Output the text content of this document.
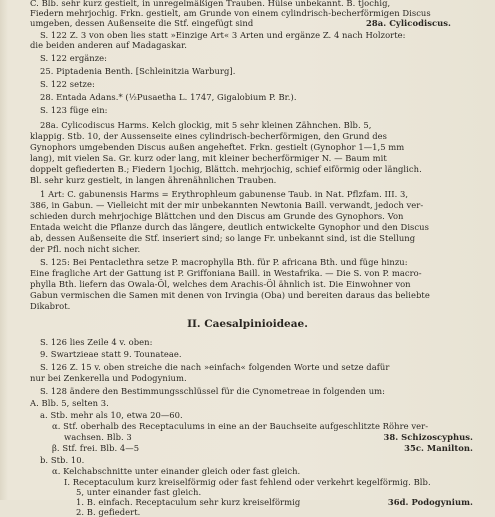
C. Blb. sehr kurz gestielt, in unregelmäßigen Trauben. Hülse unbekannt. B. tjochig,
Fiedern mehrjochig. Frkn. gestielt, am Grunde von einem cylindrisch-becherförmigen Discus
umgeben, dessen Außenseite die Stf. eingefügt sind	28a. Cylicodiscus.
S. 122 Z. 3 von oben lies statt »Einzige Art« 3 Arten und ergänze Z. 4 nach Holzorte:
die beiden anderen auf Madagaskar.
S. 122 ergänze:
25. Piptadenia Benth. [Schleinitzia Warburg].
S. 122 setze:
28. Entada Adans.* (½Pusaetha L. 1747, Gigalobium P. Br.).
S. 123 füge ein:
28a. Cylicodiscus Harms. Kelch glockig, mit 5 sehr kleinen Zähnchen. Blb. 5,
klappig. Stb. 10, der Aussenseite eines cylindrisch-becherförmigen, den Grund des
Gynophors umgebenden Discus außen angeheftet. Frkn. gestielt (Gynophor 1—1,5 mm
lang), mit vielen Sa. Gr. kurz oder lang, mit kleiner becherförmiger N. — Baum mit
doppelt gefiederten B.; Fiedern 1jochig, Blättch. mehrjochig, schief eiförmig oder länglich.
Bl. sehr kurz gestielt, in langen ährenähnlichen Trauben.
1 Art: C. gabunensis Harms = Erythrophleum gabunense Taub. in Nat. Pflzfam. III. 3,
386, in Gabun. — Vielleicht mit der mir unbekannten Newtonia Baill. verwandt, jedoch ver-
schieden durch mehrjochige Blättchen und den Discus am Grunde des Gynophors. Von
Entada weicht die Pflanze durch das längere, deutlich entwickelte Gynophor und den Discus
ab, dessen Außenseite die Stf. inseriert sind; so lange Fr. unbekannt sind, ist die Stellung
der Pfl. noch nicht sicher.
S. 125: Bei Pentaclethra setze P. macrophylla Bth. für P. africana Bth. und füge hinzu:
Eine fragliche Art der Gattung ist P. Griffoniana Baill. in Westafrika. — Die S. von P. macro-
phylla Bth. liefern das Owala-Öl, welches dem Arachis-Öl ähnlich ist. Die Einwohner von
Gabun vermischen die Samen mit denen von Irvingia (Oba) und bereiten daraus das beliebte
Dikabrot.
II. Caesalpinioideae.
S. 126 lies Zeile 4 v. oben:
9. Swartzieae statt 9. Tounateae.
S. 126 Z. 15 v. oben streiche die nach »einfach« folgenden Worte und setze dafür
nur bei Zenkerella und Podogynium.
S. 128 ändere den Bestimmungsschlüssel für die Cynometreae in folgenden um:
A. Blb. 5, selten 3.
a. Stb. mehr als 10, etwa 20—60.
α. Stf. oberhalb des Receptaculums in eine an der Bauchseite aufgeschlitzte Röhre ver-
wachsen. Blb. 3	38. Schizoscyphus.
β. Stf. frei. Blb. 4—5	35c. Manilton.
b. Stb. 10.
α. Kelchabschnitte unter einander gleich oder fast gleich.
I. Receptaculum kurz kreiselförmig oder fast fehlend oder verkehrt kegelförmig. Blb.
5, unter einander fast gleich.
1. B. einfach. Receptaculum sehr kurz kreiselförmig	36d. Podogynium.
2. B. gefiedert.
